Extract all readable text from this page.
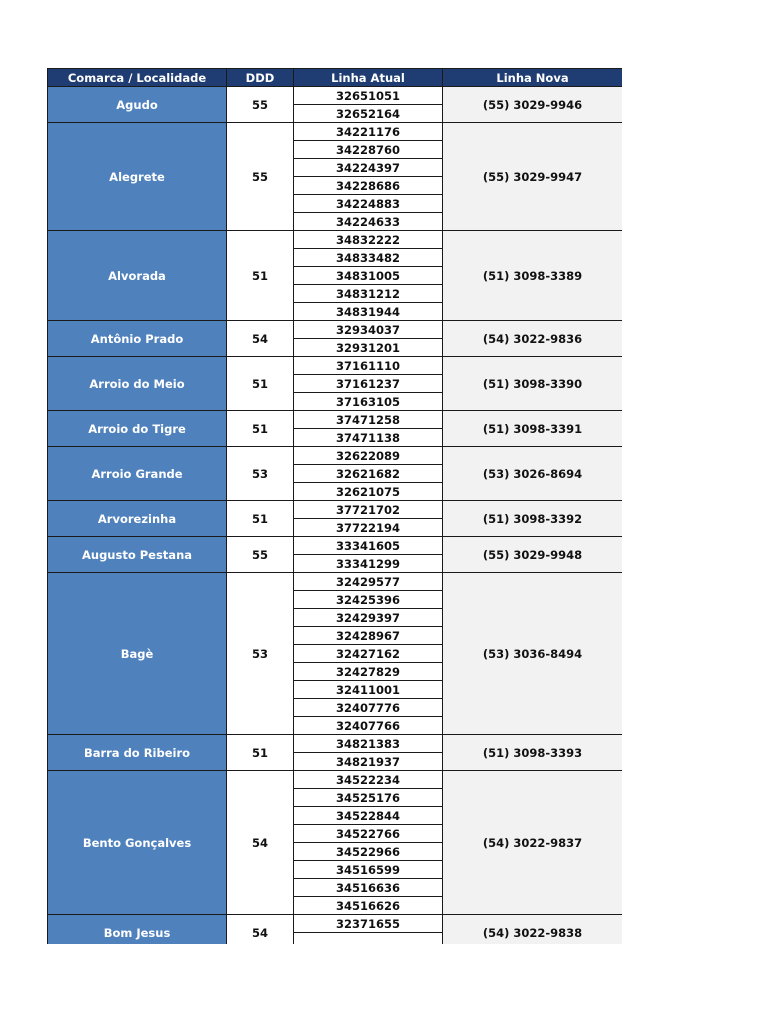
Comarca / Localidade	DDD	Linha Atual	Linha Nova
Agudo	55	32651051	(55) 3029-9946
		32652164	
Alegrete	55	34221176	(55) 3029-9947
		34228760	
		34224397	
		34228686	
		34224883	
		34224633	
Alvorada	51	34832222	(51) 3098-3389
		34833482	
		34831005	
		34831212	
		34831944	
Antônio Prado	54	32934037	(54) 3022-9836
		32931201	
Arroio do Meio	51	37161110	(51) 3098-3390
		37161237	
		37163105	
Arroio do Tigre	51	37471258	(51) 3098-3391
		37471138	
Arroio Grande	53	32622089	(53) 3026-8694
		32621682	
		32621075	
Arvorezinha	51	37721702	(51) 3098-3392
		37722194	
Augusto Pestana	55	33341605	(55) 3029-9948
		33341299	
Bagè	53	32429577	(53) 3036-8494
		32425396	
		32429397	
		32428967	
		32427162	
		32427829	
		32411001	
		32407776	
		32407766	
Barra do Ribeiro	51	34821383	(51) 3098-3393
		34821937	
Bento Gonçalves	54	34522234	(54) 3022-9837
		34525176	
		34522844	
		34522766	
		34522966	
		34516599	
		34516636	
		34516626	
Bom Jesus	54	32371655	(54) 3022-9838
